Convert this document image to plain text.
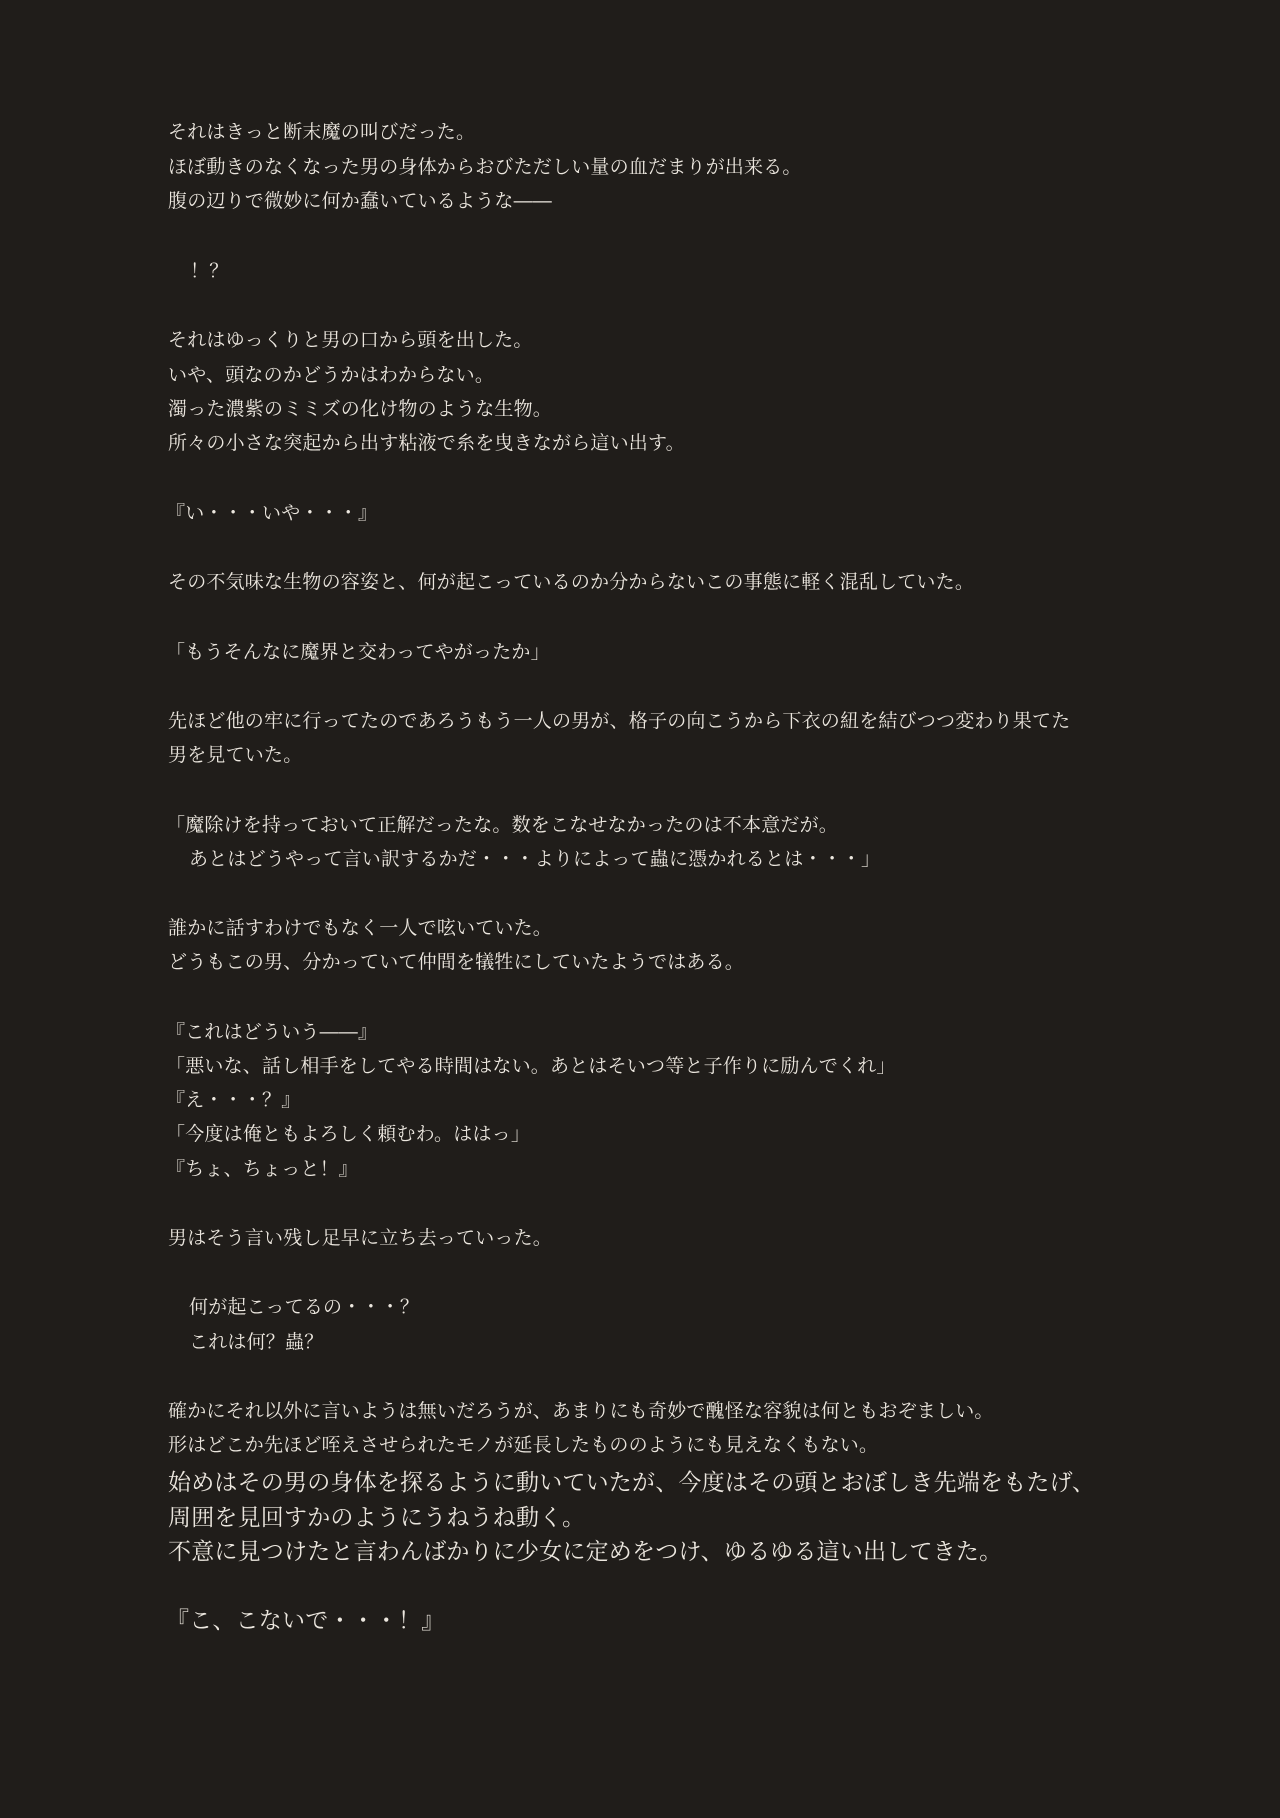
それはきっと断末魔の叫びだった。
ほぼ動きのなくなった男の身体からおびただしい量の血だまりが出来る。
腹の辺りで微妙に何か蠢いているような――
！？
それはゆっくりと男の口から頭を出した。
いや、頭なのかどうかはわからない。
濁った濃紫のミミズの化け物のような生物。
所々の小さな突起から出す粘液で糸を曳きながら這い出す。
『い・・・いや・・・』
その不気味な生物の容姿と、何が起こっているのか分からないこの事態に軽く混乱していた。
「もうそんなに魔界と交わってやがったか」
先ほど他の牢に行ってたのであろうもう一人の男が、格子の向こうから下衣の紐を結びつつ変わり果てた
男を見ていた。
「魔除けを持っておいて正解だったな。数をこなせなかったのは不本意だが。
あとはどうやって言い訳するかだ・・・よりによって蟲に憑かれるとは・・・」
誰かに話すわけでもなく一人で呟いていた。
どうもこの男、分かっていて仲間を犠牲にしていたようではある。
『これはどういう――』
「悪いな、話し相手をしてやる時間はない。あとはそいつ等と子作りに励んでくれ」
『え・・・？』
「今度は俺ともよろしく頼むわ。ははっ」
『ちょ、ちょっと！』
男はそう言い残し足早に立ち去っていった。
何が起こってるの・・・？
これは何？蟲？
確かにそれ以外に言いようは無いだろうが、あまりにも奇妙で醜怪な容貌は何ともおぞましい。
形はどこか先ほど咥えさせられたモノが延長したもののようにも見えなくもない。
始めはその男の身体を探るように動いていたが、今度はその頭とおぼしき先端をもたげ、
周囲を見回すかのようにうねうね動く。
不意に見つけたと言わんばかりに少女に定めをつけ、ゆるゆる這い出してきた。
『こ、こないで・・・！』
